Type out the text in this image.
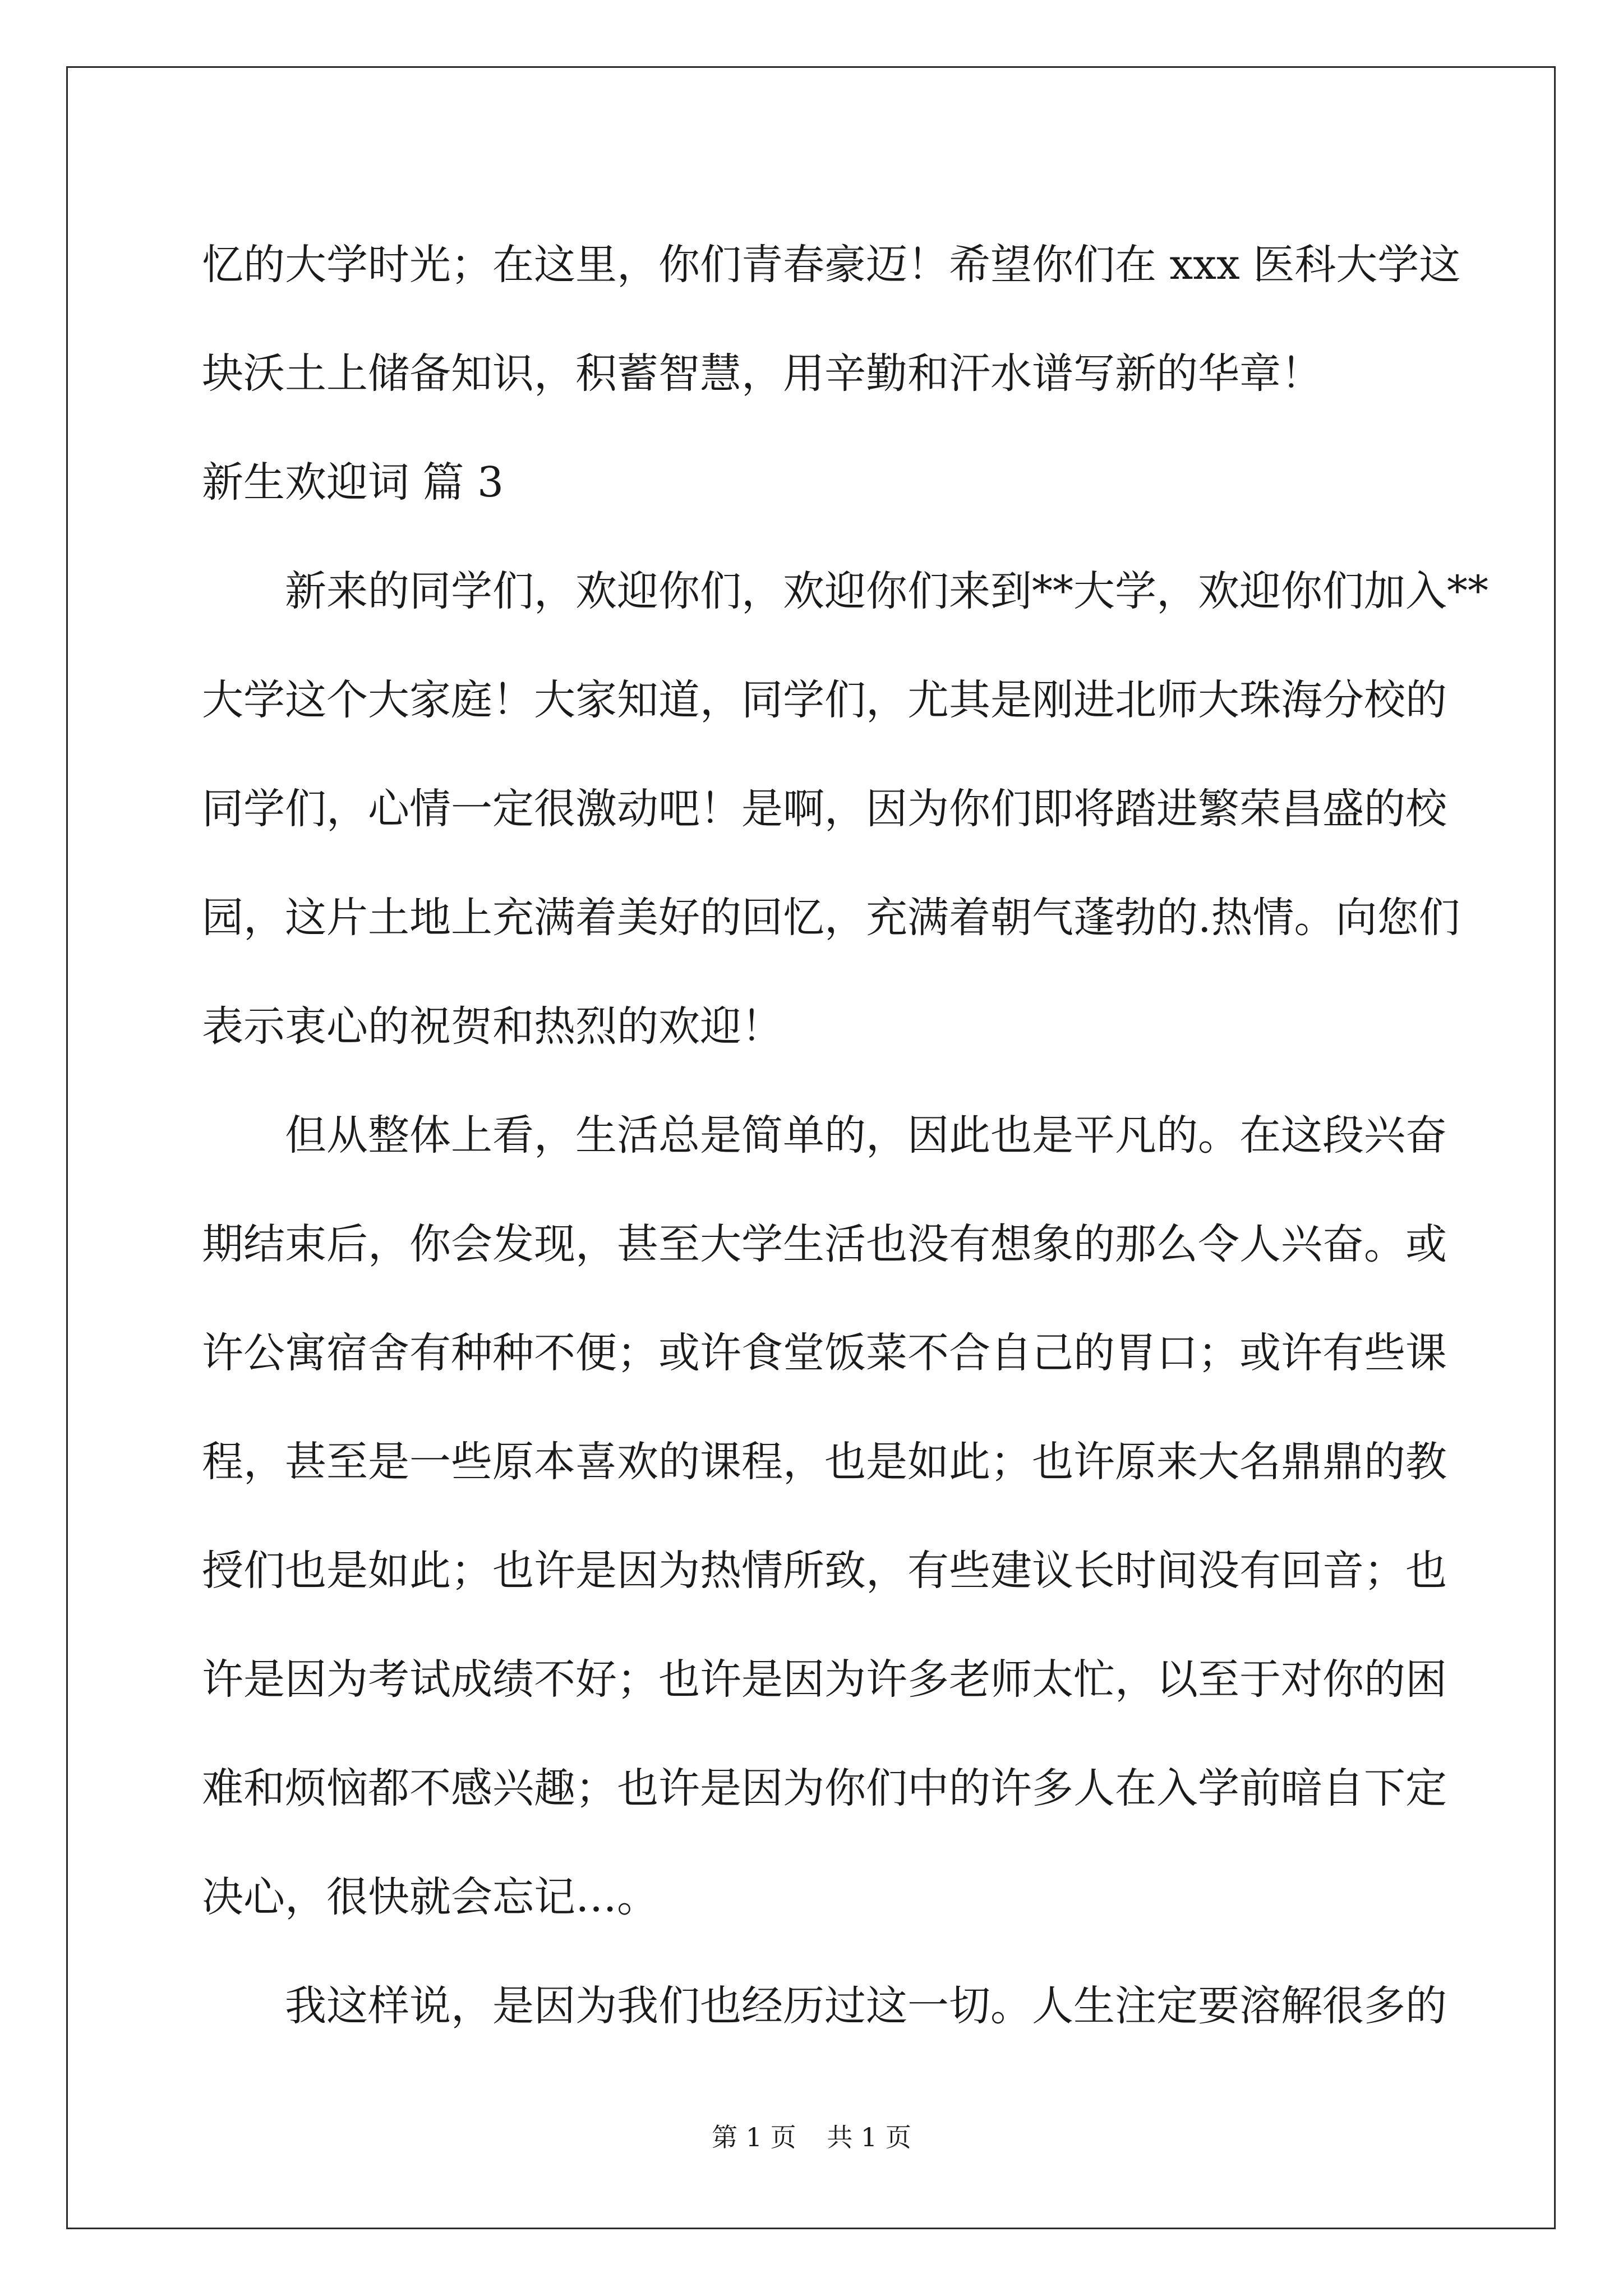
忆的大学时光；在这里，你们青春豪迈！希望你们在 xxx 医科大学这
块沃土上储备知识，积蓄智慧，用辛勤和汗水谱写新的华章！
新生欢迎词 篇 3
新来的同学们，欢迎你们，欢迎你们来到**大学，欢迎你们加入**
大学这个大家庭！大家知道，同学们，尤其是刚进北师大珠海分校的
同学们，心情一定很激动吧！是啊，因为你们即将踏进繁荣昌盛的校
园，这片土地上充满着美好的回忆，充满着朝气蓬勃的.热情。向您们
表示衷心的祝贺和热烈的欢迎！
但从整体上看，生活总是简单的，因此也是平凡的。在这段兴奋
期结束后，你会发现，甚至大学生活也没有想象的那么令人兴奋。或
许公寓宿舍有种种不便；或许食堂饭菜不合自己的胃口；或许有些课
程，甚至是一些原本喜欢的课程，也是如此；也许原来大名鼎鼎的教
授们也是如此；也许是因为热情所致，有些建议长时间没有回音；也
许是因为考试成绩不好；也许是因为许多老师太忙，以至于对你的困
难和烦恼都不感兴趣；也许是因为你们中的许多人在入学前暗自下定
决心，很快就会忘记…。
我这样说，是因为我们也经历过这一切。人生注定要溶解很多的
第 1 页 共 1 页
